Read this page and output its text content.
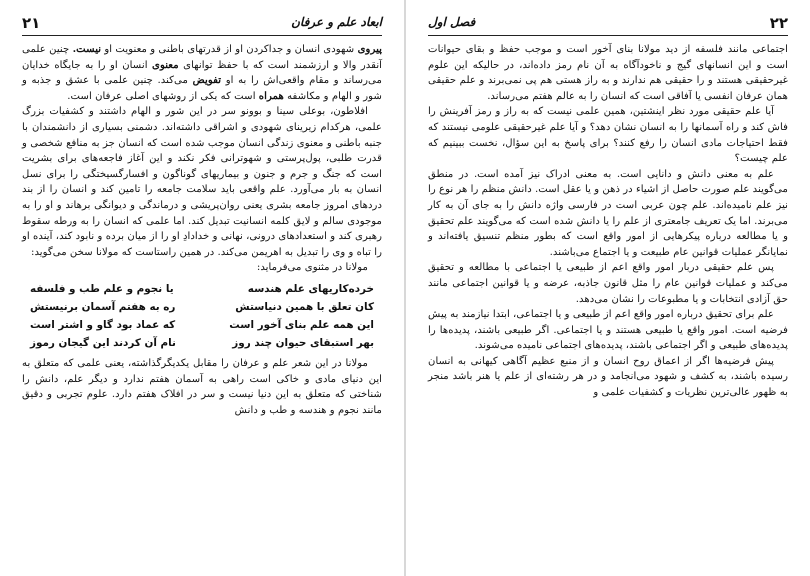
۲۱	ابعاد علم و عرفان

پیروی شهودی انسان و جداکردن او از قدرتهای باطنی و معنویت او نیست. چنین علمی آنقدر والا و ارزشمند است که با حفظ توانهای معنوی انسان او را به جایگاه خدایان می‌رساند و مقام واقعی‌اش را به او تفویض می‌کند. چنین علمی با عشق و جذبه و شور و الهام و مکاشفه همراه است که یکی از روشهای اصلی عرفان است.

افلاطون، بوعلی سینا و بوونو سر در این شور و الهام داشتند و کشفیات بزرگ علمی، هرکدام زیرینای شهودی و اشراقی داشته‌اند. دشمنی بسیاری از دانشمندان با جنبه باطنی و معنوی زندگی انسان موجب شده است که انسان جز به منافع شخصی و قدرت طلبی، پول‌پرستی و شهوترانی فکر نکند و این آغاز فاجعه‌های برای بشریت است که جنگ و جرم و جنون و بیماریهای گوناگون و افسارگسیختگی را برای نسل انسان به بار می‌آورد. علم واقعی باید سلامت جامعه را تامین کند و انسان را از بند دردهای امروز جامعه بشری یعنی روان‌پریشی و درماندگی و دیوانگی برهاند و او را به موجودی سالم و لایق کلمه انسانیت تبدیل کند. اما علمی که انسان را به ورطه سقوط رهبری کند و استعدادهای درونی، نهانی و خدادادِ او را از میان برده و نابود کند، آینده او را تباه و وی را تبدیل به اهریمن می‌کند. در همین راستاست که مولانا سخن می‌گوید:

مولانا در مثنوی می‌فرماید:

خرده‌کاریهای علم هندسه
یا نجوم و علم طب و فلسفه
کان تعلق با همین دنیاستش
ره به هفتم آسمان برنیستش
این همه علم بنای آخور است
که عماد بود گاو و اشتر است
بهر استبقای حیوان چند روز
نام آن کردند این گیجان رموز

مولانا در این شعر علم و عرفان را مقابل یکدیگرگذاشته، یعنی علمی که متعلق به این دنیای مادی و خاکی است راهی به آسمان هفتم ندارد و دیگر علم، دانش را شناختی که متعلق به این دنیا نیست و سر در افلاک هفتم دارد. علوم تجربی و دقیق مانند نجوم و هندسه و طب و دانش

۲۲
فصل اول

اجتماعی مانند فلسفه از دید مولانا بنای آخور است و موجب حفظ و بقای حیوانات است و این انسانهای گیج و ناخودآگاه به آن نام رمز داده‌اند، در حالیکه این علوم غیرحقیقی هستند و را حقیقی هم ندارند و به راز هستی هم پی نمی‌برند و علم حقیقی همان عرفان انفسی یا آفاقی است که انسان را به عالم هفتم می‌رساند.

آیا علم حقیقی مورد نظر اینشتین، همین علمی نیست که به راز و رمز آفرینش را فاش کند و راه آسمانها را به انسان نشان دهد؟ و آیا علم غیرحقیقی علومی نیستند که فقط احتیاجات مادی انسان را رفع کنند؟ برای پاسخ به این سؤال، نخست ببینیم که علم چیست؟

علم به معنی دانش و دانایی است. به معنی ادراک نیز آمده است. در منطق می‌گویند علم صورت حاصل از اشیاء در ذهن و یا عقل است. دانش منظم را هر نوع را نیز علم نامیده‌اند. علم چون عربی است در فارسی واژه دانش را به جای آن به کار می‌برند. اما یک تعریف جامعتری از علم را یا دانش شده است که می‌گویند علم تحقیق و یا مطالعه درباره پیکرهایی از امور واقع است که بطور منظم تنسیق یافته‌اند و نمایانگر عملیات قوانین عام طبیعت و یا اجتماع می‌باشند.

پس علم حقیقی دربار امور واقع اعم از طبیعی یا اجتماعی با مطالعه و تحقیق می‌کند و عملیات قوانین عام را مثل قانون جاذبه، عرضه و یا قوانین اجتماعی مانند حق آزادی انتخابات و یا مطبوعات را نشان می‌دهد.

علم برای تحقیق درباره امور واقع اعم از طبیعی و یا اجتماعی، ابتدا نیازمند به پیش فرضیه است. امور واقع یا طبیعی هستند و یا اجتماعی. اگر طبیعی باشند، پدیده‌ها را پدیده‌های طبیعی و اگر اجتماعی باشند، پدیده‌های اجتماعی نامیده می‌شوند.

پیش فرضیه‌ها اگر از اعماق روح انسان و از منبع عظیم آگاهی کیهانی به انسان رسیده باشند، به کشف و شهود می‌انجامد و در هر رشته‌ای از علم یا هنر باشد منجر به ظهور عالی‌ترین نظریات و کشفیات علمی و
